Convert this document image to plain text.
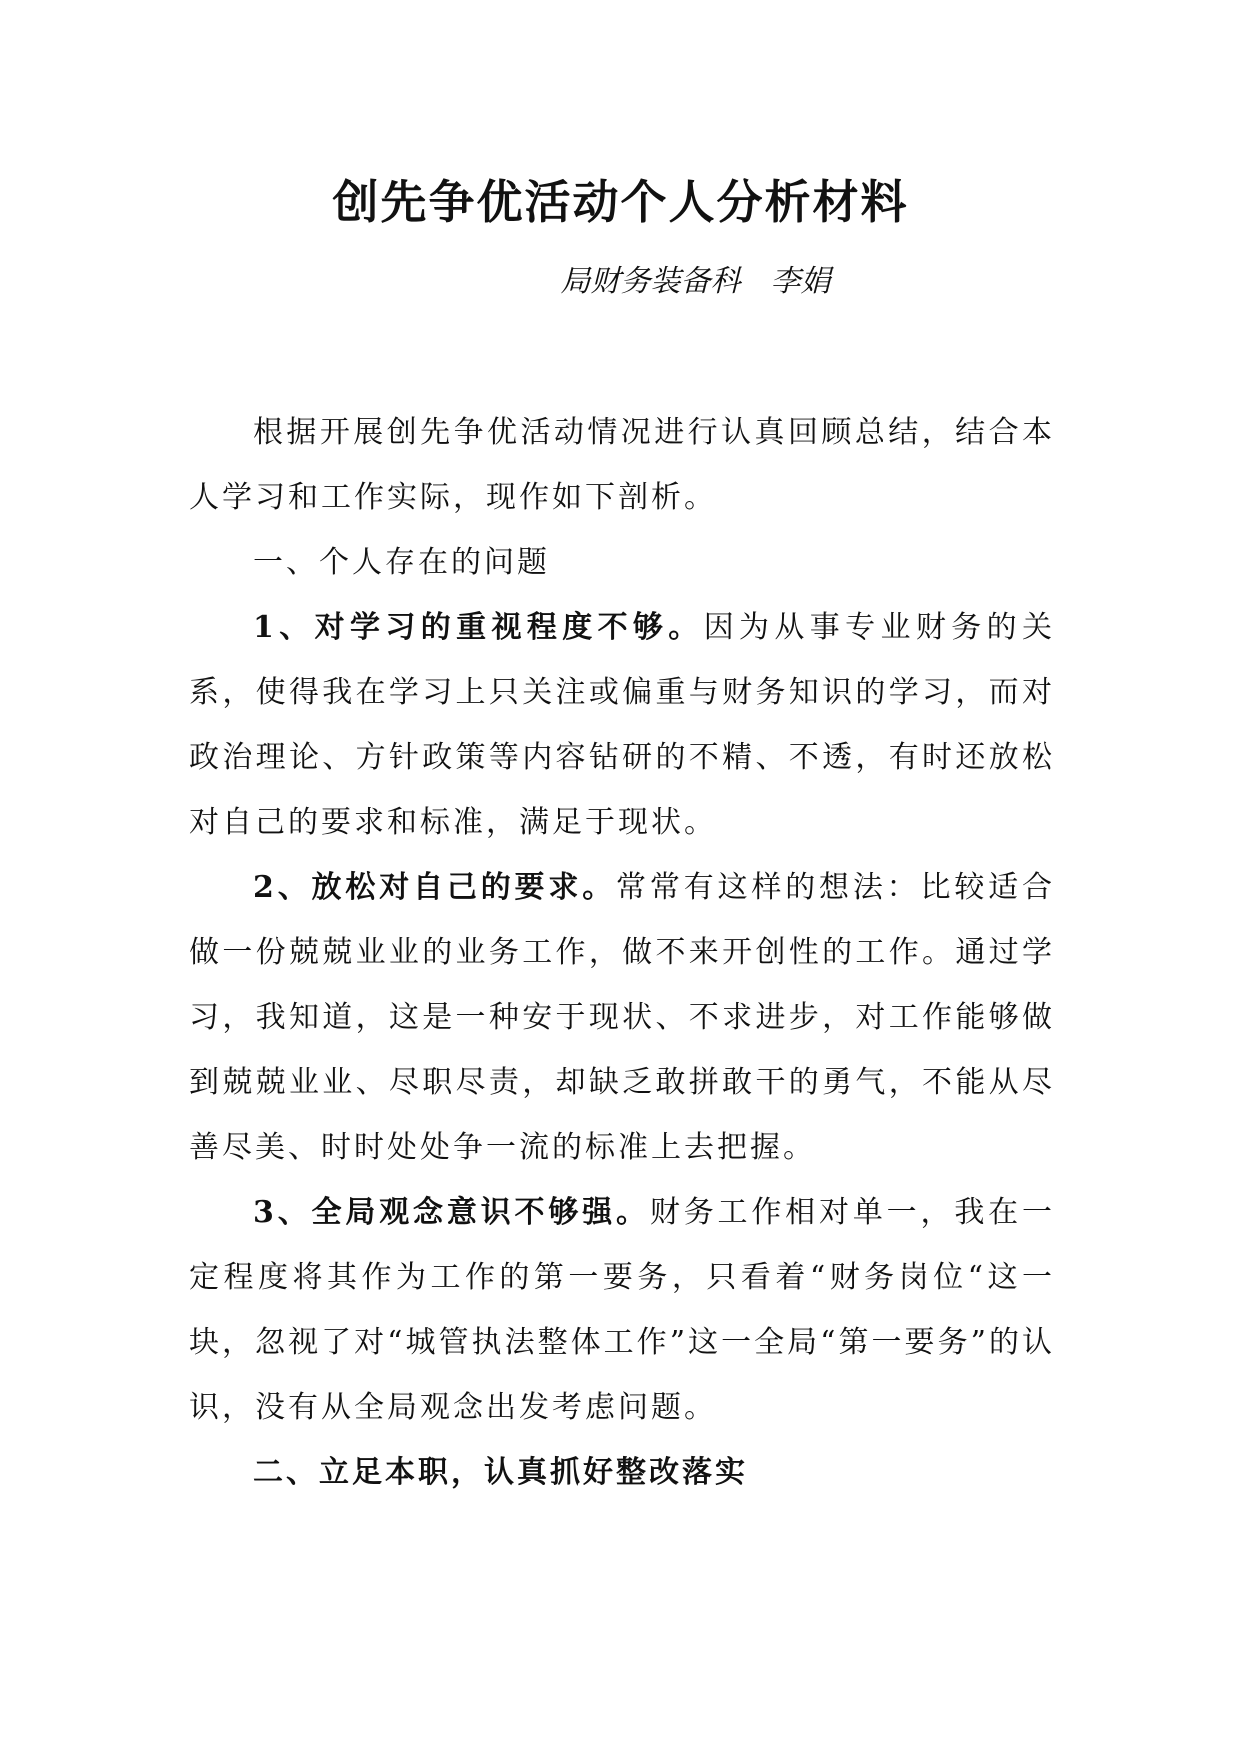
创先争优活动个人分析材料
局财务装备科 李娟

根据开展创先争优活动情况进行认真回顾总结，结合本人学习和工作实际，现作如下剖析。

一、个人存在的问题

1、对学习的重视程度不够。因为从事专业财务的关系，使得我在学习上只关注或偏重与财务知识的学习，而对政治理论、方针政策等内容钻研的不精、不透，有时还放松对自己的要求和标准，满足于现状。

2、放松对自己的要求。常常有这样的想法：比较适合做一份兢兢业业的业务工作，做不来开创性的工作。通过学习，我知道，这是一种安于现状、不求进步，对工作能够做到兢兢业业、尽职尽责，却缺乏敢拼敢干的勇气，不能从尽善尽美、时时处处争一流的标准上去把握。

3、全局观念意识不够强。财务工作相对单一，我在一定程度将其作为工作的第一要务，只看着“财务岗位“这一块，忽视了对“城管执法整体工作”这一全局“第一要务”的认识，没有从全局观念出发考虑问题。

二、立足本职，认真抓好整改落实
